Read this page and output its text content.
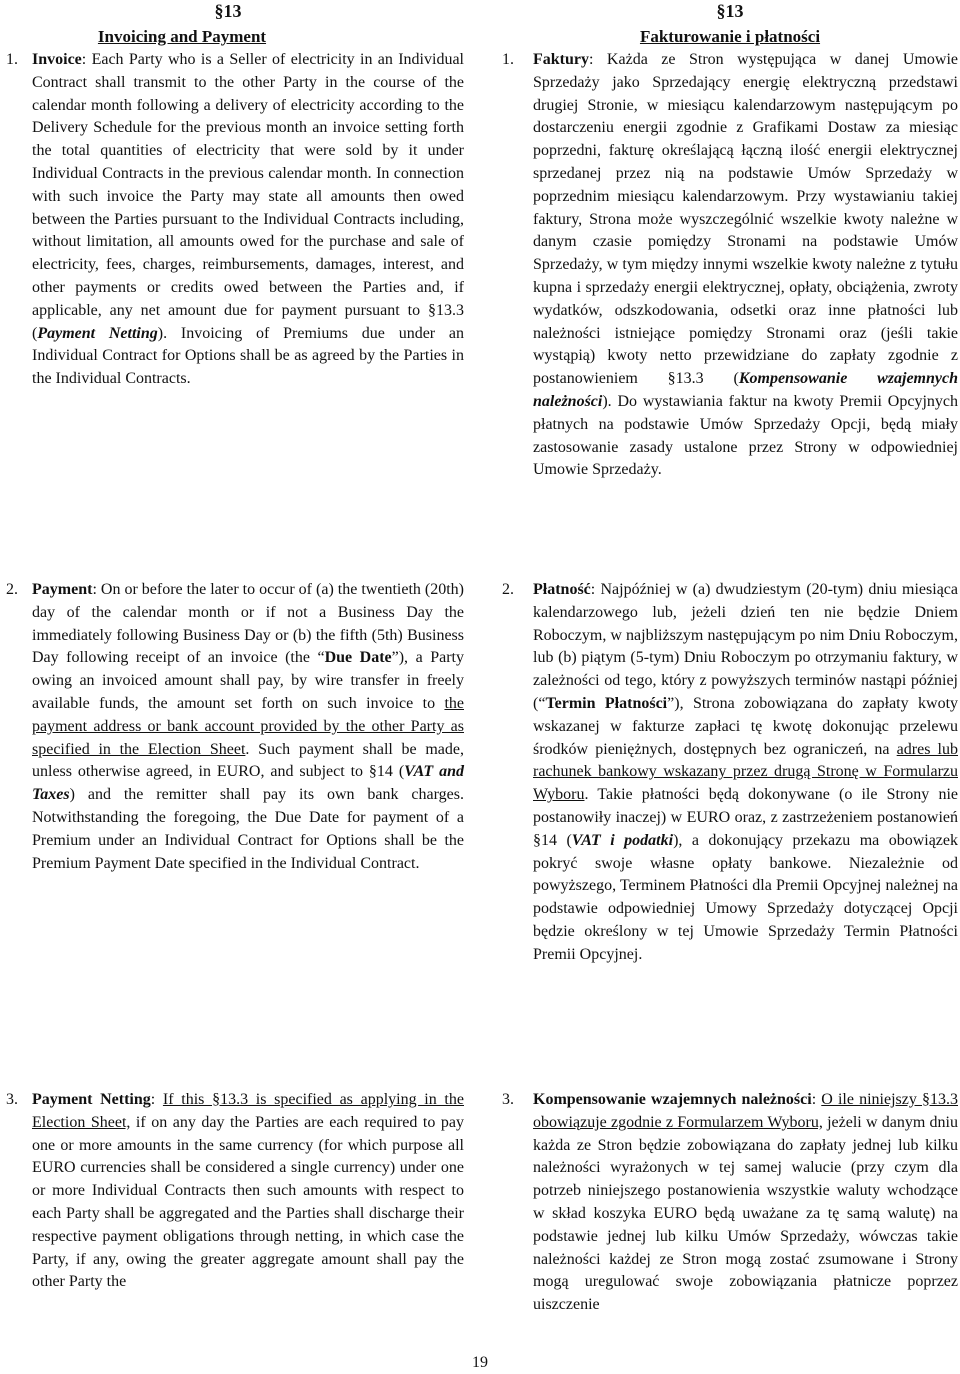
§13
Invoicing and Payment
1. Invoice: Each Party who is a Seller of electricity in an Individual Contract shall transmit to the other Party in the course of the calendar month following a delivery of electricity according to the Delivery Schedule for the previous month an invoice setting forth the total quantities of electricity that were sold by it under Individual Contracts in the previous calendar month. In connection with such invoice the Party may state all amounts then owed between the Parties pursuant to the Individual Contracts including, without limitation, all amounts owed for the purchase and sale of electricity, fees, charges, reimbursements, damages, interest, and other payments or credits owed between the Parties and, if applicable, any net amount due for payment pursuant to §13.3 (Payment Netting). Invoicing of Premiums due under an Individual Contract for Options shall be as agreed by the Parties in the Individual Contracts.
2. Payment: On or before the later to occur of (a) the twentieth (20th) day of the calendar month or if not a Business Day the immediately following Business Day or (b) the fifth (5th) Business Day following receipt of an invoice (the “Due Date”), a Party owing an invoiced amount shall pay, by wire transfer in freely available funds, the amount set forth on such invoice to the payment address or bank account provided by the other Party as specified in the Election Sheet. Such payment shall be made, unless otherwise agreed, in EURO, and subject to §14 (VAT and Taxes) and the remitter shall pay its own bank charges. Notwithstanding the foregoing, the Due Date for payment of a Premium under an Individual Contract for Options shall be the Premium Payment Date specified in the Individual Contract.
3. Payment Netting: If this §13.3 is specified as applying in the Election Sheet, if on any day the Parties are each required to pay one or more amounts in the same currency (for which purpose all EURO currencies shall be considered a single currency) under one or more Individual Contracts then such amounts with respect to each Party shall be aggregated and the Parties shall discharge their respective payment obligations through netting, in which case the Party, if any, owing the greater aggregate amount shall pay the other Party the
§13
Fakturowanie i płatności
1. Faktury: Każda ze Stron występująca w danej Umowie Sprzedaży jako Sprzedający energię elektryczną przedstawi drugiej Stronie, w miesiącu kalendarzowym następującym po dostarczeniu energii zgodnie z Grafikami Dostaw za miesiąc poprzedni, fakturę określającą łączną ilość energii elektrycznej sprzedanej przez nią na podstawie Umów Sprzedaży w poprzednim miesiącu kalendarzowym. Przy wystawianiu takiej faktury, Strona może wyszczególnić wszelkie kwoty należne w danym czasie pomiędzy Stronami na podstawie Umów Sprzedaży, w tym między innymi wszelkie kwoty należne z tytułu kupna i sprzedaży energii elektrycznej, opłaty, obciążenia, zwroty wydatków, odszkodowania, odsetki oraz inne płatności lub należności istniejące pomiędzy Stronami oraz (jeśli takie wystąpią) kwoty netto przewidziane do zapłaty zgodnie z postanowieniem §13.3 (Kompensowanie wzajemnych należności). Do wystawiania faktur na kwoty Premii Opcyjnych płatnych na podstawie Umów Sprzedaży Opcji, będą miały zastosowanie zasady ustalone przez Strony w odpowiedniej Umowie Sprzedaży.
2. Płatność: Najpóźniej w (a) dwudziestym (20-tym) dniu miesiąca kalendarzowego lub, jeżeli dzień ten nie będzie Dniem Roboczym, w najbliższym następującym po nim Dniu Roboczym, lub (b) piątym (5-tym) Dniu Roboczym po otrzymaniu faktury, w zależności od tego, który z powyższych terminów nastąpi później (“Termin Płatności”), Strona zobowiązana do zapłaty kwoty wskazanej w fakturze zapłaci tę kwotę dokonując przelewu środków pieniężnych, dostępnych bez ograniczeń, na adres lub rachunek bankowy wskazany przez drugą Stronę w Formularzu Wyboru. Takie płatności będą dokonywane (o ile Strony nie postanowiły inaczej) w EURO oraz, z zastrzeżeniem postanowień §14 (VAT i podatki), a dokonujący przekazu ma obowiązek pokryć swoje własne opłaty bankowe. Niezależnie od powyższego, Terminem Płatności dla Premii Opcyjnej należnej na podstawie odpowiedniej Umowy Sprzedaży dotyczącej Opcji będzie określony w tej Umowie Sprzedaży Termin Płatności Premii Opcyjnej.
3. Kompensowanie wzajemnych należności: O ile niniejszy §13.3 obowiązuje zgodnie z Formularzem Wyboru, jeżeli w danym dniu każda ze Stron będzie zobowiązana do zapłaty jednej lub kilku należności wyrażonych w tej samej walucie (przy czym dla potrzeb niniejszego postanowienia wszystkie waluty wchodzące w skład koszyka EURO będą uważane za tę samą walutę) na podstawie jednej lub kilku Umów Sprzedaży, wówczas takie należności każdej ze Stron mogą zostać zsumowane i Strony mogą uregulować swoje zobowiązania płatnicze poprzez uiszczenie
19
